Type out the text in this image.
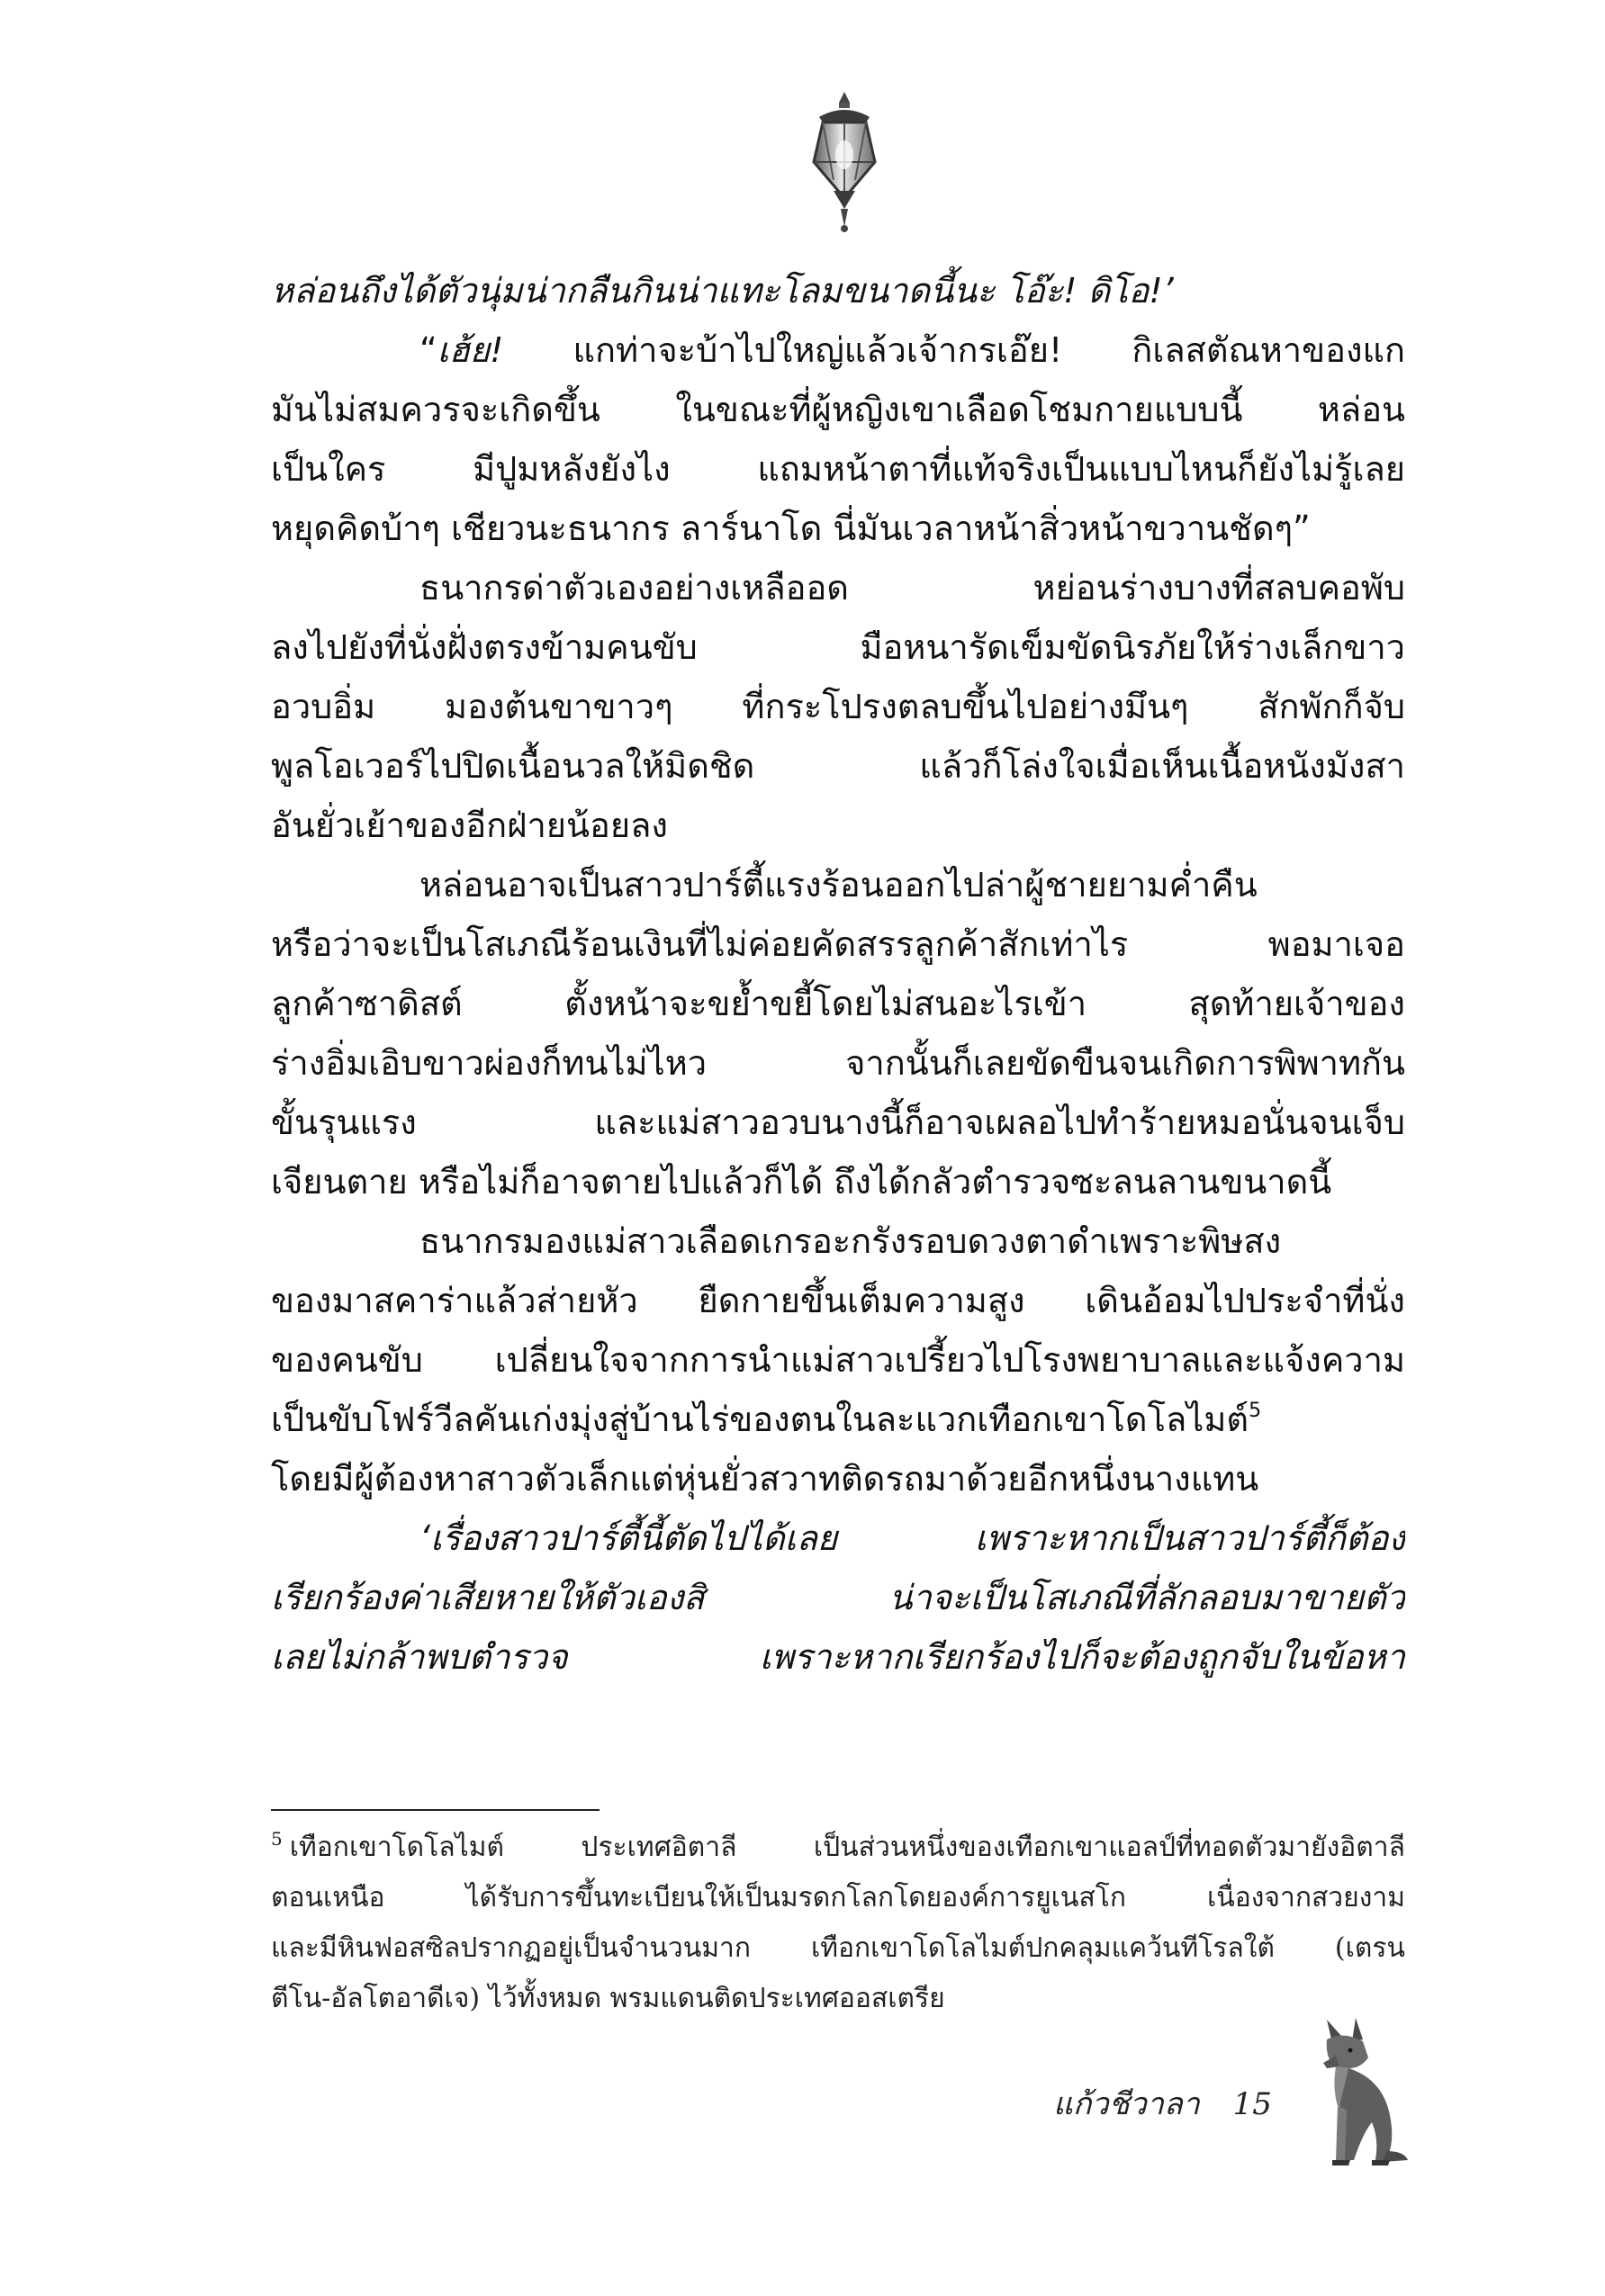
หล่อนถึงได้ตัวนุ่มน่ากลืนกินน่าแทะโลมขนาดนี้นะ โอ๊ะ! ดิโอ!’
“เฮ้ย! แกท่าจะบ้าไปใหญ่แล้วเจ้ากรเอ๊ย! กิเลสตัณหาของแก
มันไม่สมควรจะเกิดขึ้น ในขณะที่ผู้หญิงเขาเลือดโชมกายแบบนี้ หล่อน
เป็นใคร มีปูมหลังยังไง แถมหน้าตาที่แท้จริงเป็นแบบไหนก็ยังไม่รู้เลย
หยุดคิดบ้าๆ เชียวนะธนากร ลาร์นาโด นี่มันเวลาหน้าสิ่วหน้าขวานชัดๆ”
ธนากรด่าตัวเองอย่างเหลืออด หย่อนร่างบางที่สลบคอพับ
ลงไปยังที่นั่งฝั่งตรงข้ามคนขับ มือหนารัดเข็มขัดนิรภัยให้ร่างเล็กขาว
อวบอิ่ม มองต้นขาขาวๆ ที่กระโปรงตลบขึ้นไปอย่างมึนๆ สักพักก็จับ
พูลโอเวอร์ไปปิดเนื้อนวลให้มิดชิด แล้วก็โล่งใจเมื่อเห็นเนื้อหนังมังสา
อันยั่วเย้าของอีกฝ่ายน้อยลง
หล่อนอาจเป็นสาวปาร์ตี้แรงร้อนออกไปล่าผู้ชายยามค่ำคืน
หรือว่าจะเป็นโสเภณีร้อนเงินที่ไม่ค่อยคัดสรรลูกค้าสักเท่าไร พอมาเจอ
ลูกค้าซาดิสต์ ตั้งหน้าจะขย้ำขยี้โดยไม่สนอะไรเข้า สุดท้ายเจ้าของ
ร่างอิ่มเอิบขาวผ่องก็ทนไม่ไหว จากนั้นก็เลยขัดขืนจนเกิดการพิพาทกัน
ขั้นรุนแรง และแม่สาวอวบนางนี้ก็อาจเผลอไปทำร้ายหมอนั่นจนเจ็บ
เจียนตาย หรือไม่ก็อาจตายไปแล้วก็ได้ ถึงได้กลัวตำรวจซะลนลานขนาดนี้
ธนากรมองแม่สาวเลือดเกรอะกรังรอบดวงตาดำเพราะพิษสง
ของมาสคาร่าแล้วส่ายหัว ยืดกายขึ้นเต็มความสูง เดินอ้อมไปประจำที่นั่ง
ของคนขับ เปลี่ยนใจจากการนำแม่สาวเปรี้ยวไปโรงพยาบาลและแจ้งความ
เป็นขับโฟร์วีลคันเก่งมุ่งสู่บ้านไร่ของตนในละแวกเทือกเขาโดโลไมต์$^5$
โดยมีผู้ต้องหาสาวตัวเล็กแต่หุ่นยั่วสวาทติดรถมาด้วยอีกหนึ่งนางแทน
‘เรื่องสาวปาร์ตี้นี้ตัดไปได้เลย เพราะหากเป็นสาวปาร์ตี้ก็ต้อง
เรียกร้องค่าเสียหายให้ตัวเองสิ น่าจะเป็นโสเภณีที่ลักลอบมาขายตัว
เลยไม่กล้าพบตำรวจ เพราะหากเรียกร้องไปก็จะต้องถูกจับในข้อหา
$^5$ เทือกเขาโดโลไมต์ ประเทศอิตาลี เป็นส่วนหนึ่งของเทือกเขาแอลป์ที่ทอดตัวมายังอิตาลี
ตอนเหนือ ได้รับการขึ้นทะเบียนให้เป็นมรดกโลกโดยองค์การยูเนสโก เนื่องจากสวยงาม
และมีหินฟอสซิลปรากฏอยู่เป็นจำนวนมาก เทือกเขาโดโลไมต์ปกคลุมแคว้นทีโรลใต้ (เตรน
ตีโน-อัลโตอาดีเจ) ไว้ทั้งหมด พรมแดนติดประเทศออสเตรีย
แก้วชีวาลา 15
